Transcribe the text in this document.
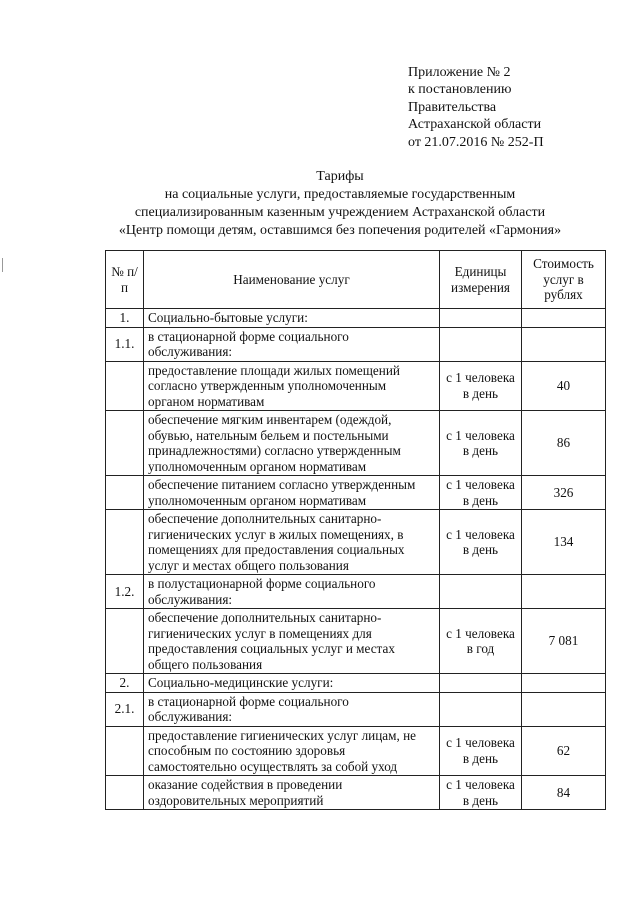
Приложение № 2
к постановлению
Правительства
Астраханской области
от 21.07.2016 № 252-П
Тарифы
на социальные услуги, предоставляемые государственным
специализированным казенным учреждением Астраханской области
«Центр помощи детям, оставшимся без попечения родителей «Гармония»
№ п/п	Наименование услуг	Единицы измерения	Стоимость услуг в рублях
1.	Социально-бытовые услуги:		
1.1.	в стационарной форме социального обслуживания:		
	предоставление площади жилых помещений согласно утвержденным уполномоченным органом нормативам	с 1 человека в день	40
	обеспечение мягким инвентарем (одеждой, обувью, нательным бельем и постельными принадлежностями) согласно утвержденным уполномоченным органом нормативам	с 1 человека в день	86
	обеспечение питанием согласно утвержденным уполномоченным органом нормативам	с 1 человека в день	326
	обеспечение дополнительных санитарно-гигиенических услуг в жилых помещениях, в помещениях для предоставления социальных услуг и местах общего пользования	с 1 человека в день	134
1.2.	в полустационарной форме социального обслуживания:		
	обеспечение дополнительных санитарно-гигиенических услуг в помещениях для предоставления социальных услуг и местах общего пользования	с 1 человека в год	7 081
2.	Социально-медицинские услуги:		
2.1.	в стационарной форме социального обслуживания:		
	предоставление гигиенических услуг лицам, не способным по состоянию здоровья самостоятельно осуществлять за собой уход	с 1 человека в день	62
	оказание содействия в проведении оздоровительных мероприятий	с 1 человека в день	84
